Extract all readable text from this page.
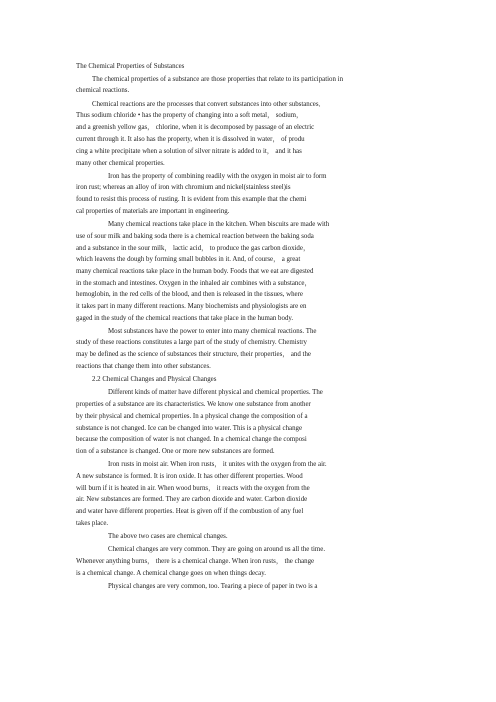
The Chemical Properties of Substances
The chemical properties of a substance are those properties that relate to its participation in
chemical reactions.
Chemical reactions are the processes that convert substances into other substances．
Thus sodium chloride • has the property of changing into a soft metal， sodium，
and a greenish yellow gas， chlorine, when it is decomposed by passage of an electric
current through it. It also has the property, when it is dissolved in water， of produ
cing a white precipitate when a solution of silver nitrate is added to it， and it has
many other chemical properties.
Iron has the property of combining readily with the oxygen in moist air to form
iron rust; whereas an alloy of iron with chromium and nickel(stainless steel)is
found to resist this process of rusting. It is evident from this example that the chemi
cal properties of materials are important in engineering.
Many chemical reactions take place in the kitchen. When biscuits are made with
use of sour milk and baking soda there is a chemical reaction between the baking soda
and a substance in the sour milk， lactic acid， to produce the gas carbon dioxide，
which leavens the dough by forming small bubbles in it. And, of course， a great
many chemical reactions take place in the human body. Foods that we eat are digested
in the stomach and intestines. Oxygen in the inhaled air combines with a substance，
hemoglobin, in the red cells of the blood, and then is released in the tissues, where
it takes part in many different reactions. Many biochemists and physiologists are en
gaged in the study of the chemical reactions that take place in the human body.
Most substances have the power to enter into many chemical reactions. The
study of these reactions constitutes a large part of the study of chemistry. Chemistry
may be defined as the science of substances their structure, their properties， and the
reactions that change them into other substances.
2.2 Chemical Changes and Physical Changes
Different kinds of matter have different physical and chemical properties. The
properties of a substance are its characteristics. We know one substance from another
by their physical and chemical properties. In a physical change the composition of a
substance is not changed. Ice can be changed into water. This is a physical change
because the composition of water is not changed. In a chemical change the composi
tion of a substance is changed. One or more new substances are formed.
Iron rusts in moist air. When iron rusts， it unites with the oxygen from the air.
A new substance is formed. It is iron oxide. It has other different properties. Wood
will burn if it is heated in air. When wood burns， it reacts with the oxygen from the
air. New substances are formed. They are carbon dioxide and water. Carbon dioxide
and water have different properties. Heat is given off if the combustion of any fuel
takes place.
The above two cases are chemical changes.
Chemical changes are very common. They are going on around us all the time.
Whenever anything burns， there is a chemical change. When iron rusts， the change
is a chemical change. A chemical change goes on when things decay.
Physical changes are very common, too. Tearing a piece of paper in two is a
